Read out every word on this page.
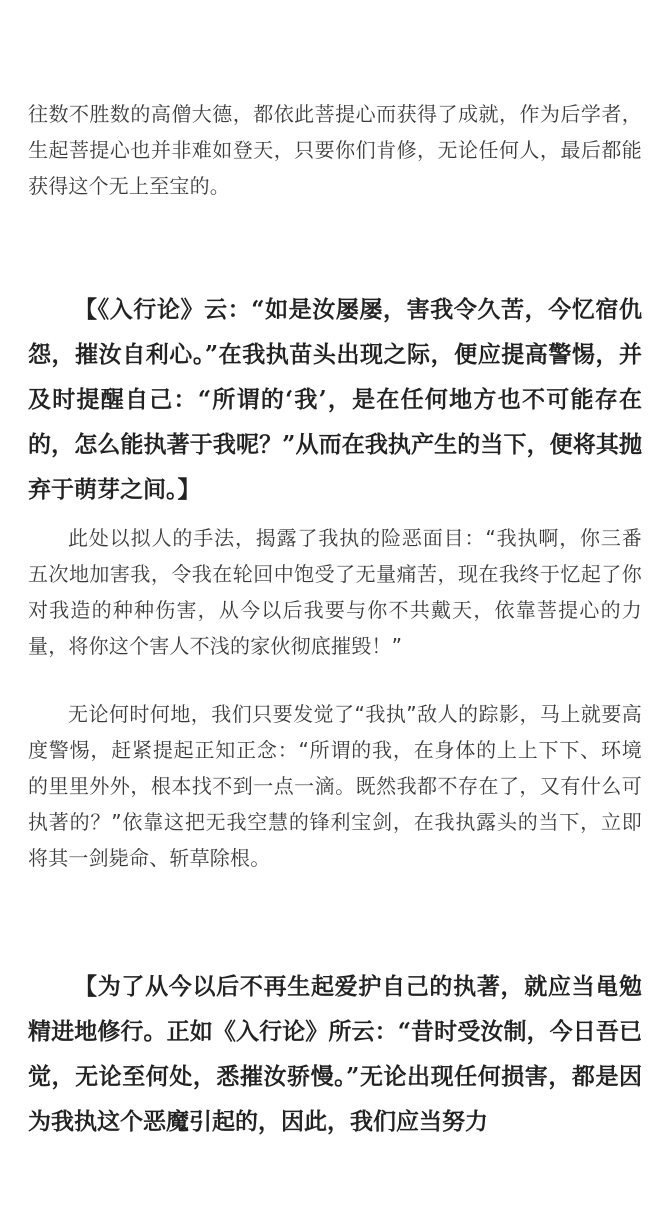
往数不胜数的高僧大德，都依此菩提心而获得了成就，作为后学者，生起菩提心也并非难如登天，只要你们肯修，无论任何人，最后都能获得这个无上至宝的。

【《入行论》云：“如是汝屡屡，害我令久苦，今忆宿仇怨，摧汝自利心。”在我执苗头出现之际，便应提高警惕，并及时提醒自己：“所谓的‘我’，是在任何地方也不可能存在的，怎么能执著于我呢？”从而在我执产生的当下，便将其抛弃于萌芽之间。】

此处以拟人的手法，揭露了我执的险恶面目：“我执啊，你三番五次地加害我，令我在轮回中饱受了无量痛苦，现在我终于忆起了你对我造的种种伤害，从今以后我要与你不共戴天，依靠菩提心的力量，将你这个害人不浅的家伙彻底摧毁！”

无论何时何地，我们只要发觉了“我执”敌人的踪影，马上就要高度警惕，赶紧提起正知正念：“所谓的我，在身体的上上下下、环境的里里外外，根本找不到一点一滴。既然我都不存在了，又有什么可执著的？”依靠这把无我空慧的锋利宝剑，在我执露头的当下，立即将其一剑毙命、斩草除根。

【为了从今以后不再生起爱护自己的执著，就应当黾勉精进地修行。正如《入行论》所云：“昔时受汝制，今日吾已觉，无论至何处，悉摧汝骄慢。”无论出现任何损害，都是因为我执这个恶魔引起的，因此，我们应当努力
